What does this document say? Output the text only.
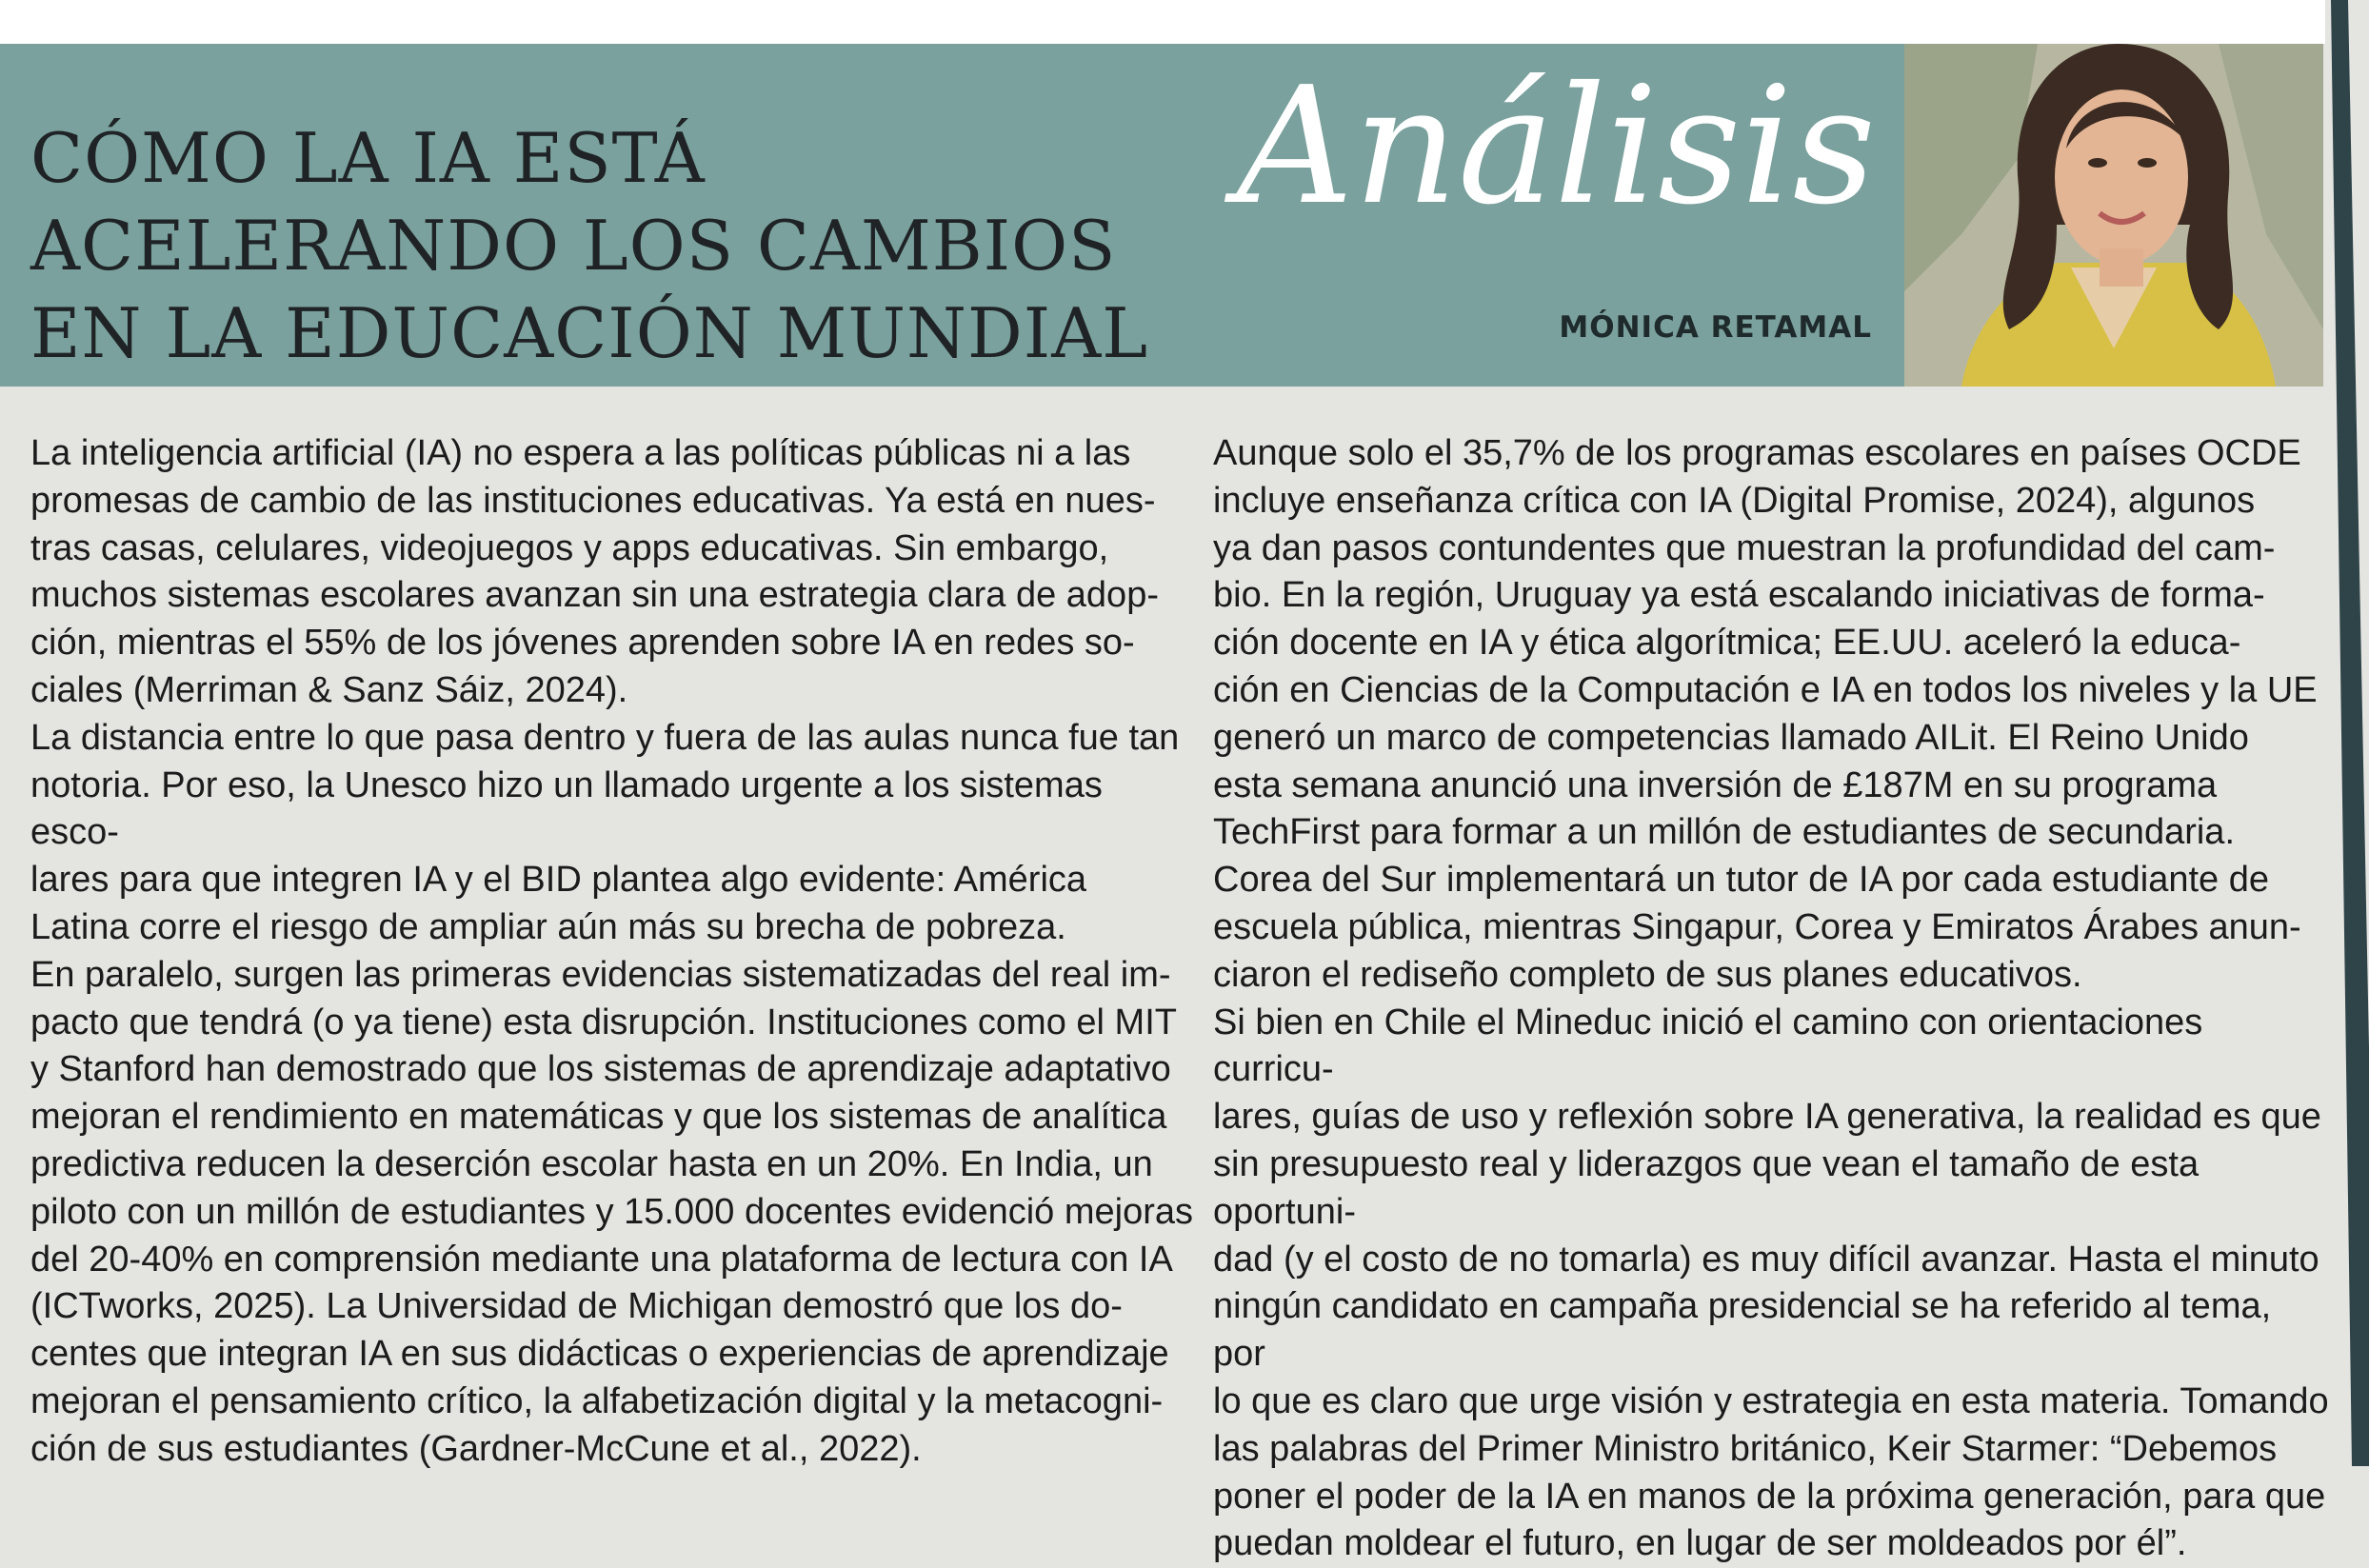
CÓMO LA IA ESTÁ
ACELERANDO LOS CAMBIOS
EN LA EDUCACIÓN MUNDIAL
Análisis
MÓNICA RETAMAL

La inteligencia artificial (IA) no espera a las políticas públicas ni a las
promesas de cambio de las instituciones educativas. Ya está en nues-
tras casas, celulares, videojuegos y apps educativas. Sin embargo,
muchos sistemas escolares avanzan sin una estrategia clara de adop-
ción, mientras el 55% de los jóvenes aprenden sobre IA en redes so-
ciales (Merriman & Sanz Sáiz, 2024).

La distancia entre lo que pasa dentro y fuera de las aulas nunca fue tan
notoria. Por eso, la Unesco hizo un llamado urgente a los sistemas esco-
lares para que integren IA y el BID plantea algo evidente: América
Latina corre el riesgo de ampliar aún más su brecha de pobreza.

En paralelo, surgen las primeras evidencias sistematizadas del real im-
pacto que tendrá (o ya tiene) esta disrupción. Instituciones como el MIT
y Stanford han demostrado que los sistemas de aprendizaje adaptativo
mejoran el rendimiento en matemáticas y que los sistemas de analítica
predictiva reducen la deserción escolar hasta en un 20%. En India, un
piloto con un millón de estudiantes y 15.000 docentes evidenció mejoras
del 20-40% en comprensión mediante una plataforma de lectura con IA
(ICTworks, 2025). La Universidad de Michigan demostró que los do-
centes que integran IA en sus didácticas o experiencias de aprendizaje
mejoran el pensamiento crítico, la alfabetización digital y la metacogni-
ción de sus estudiantes (Gardner-McCune et al., 2022).

Aunque solo el 35,7% de los programas escolares en países OCDE
incluye enseñanza crítica con IA (Digital Promise, 2024), algunos
ya dan pasos contundentes que muestran la profundidad del cam-
bio. En la región, Uruguay ya está escalando iniciativas de forma-
ción docente en IA y ética algorítmica; EE.UU. aceleró la educa-
ción en Ciencias de la Computación e IA en todos los niveles y la UE
generó un marco de competencias llamado AILit. El Reino Unido
esta semana anunció una inversión de £187M en su programa
TechFirst para formar a un millón de estudiantes de secundaria.
Corea del Sur implementará un tutor de IA por cada estudiante de
escuela pública, mientras Singapur, Corea y Emiratos Árabes anun-
ciaron el rediseño completo de sus planes educativos.

Si bien en Chile el Mineduc inició el camino con orientaciones curricu-
lares, guías de uso y reflexión sobre IA generativa, la realidad es que
sin presupuesto real y liderazgos que vean el tamaño de esta oportuni-
dad (y el costo de no tomarla) es muy difícil avanzar. Hasta el minuto
ningún candidato en campaña presidencial se ha referido al tema, por
lo que es claro que urge visión y estrategia en esta materia. Tomando
las palabras del Primer Ministro británico, Keir Starmer: “Debemos
poner el poder de la IA en manos de la próxima generación, para que
puedan moldear el futuro, en lugar de ser moldeados por él”.
